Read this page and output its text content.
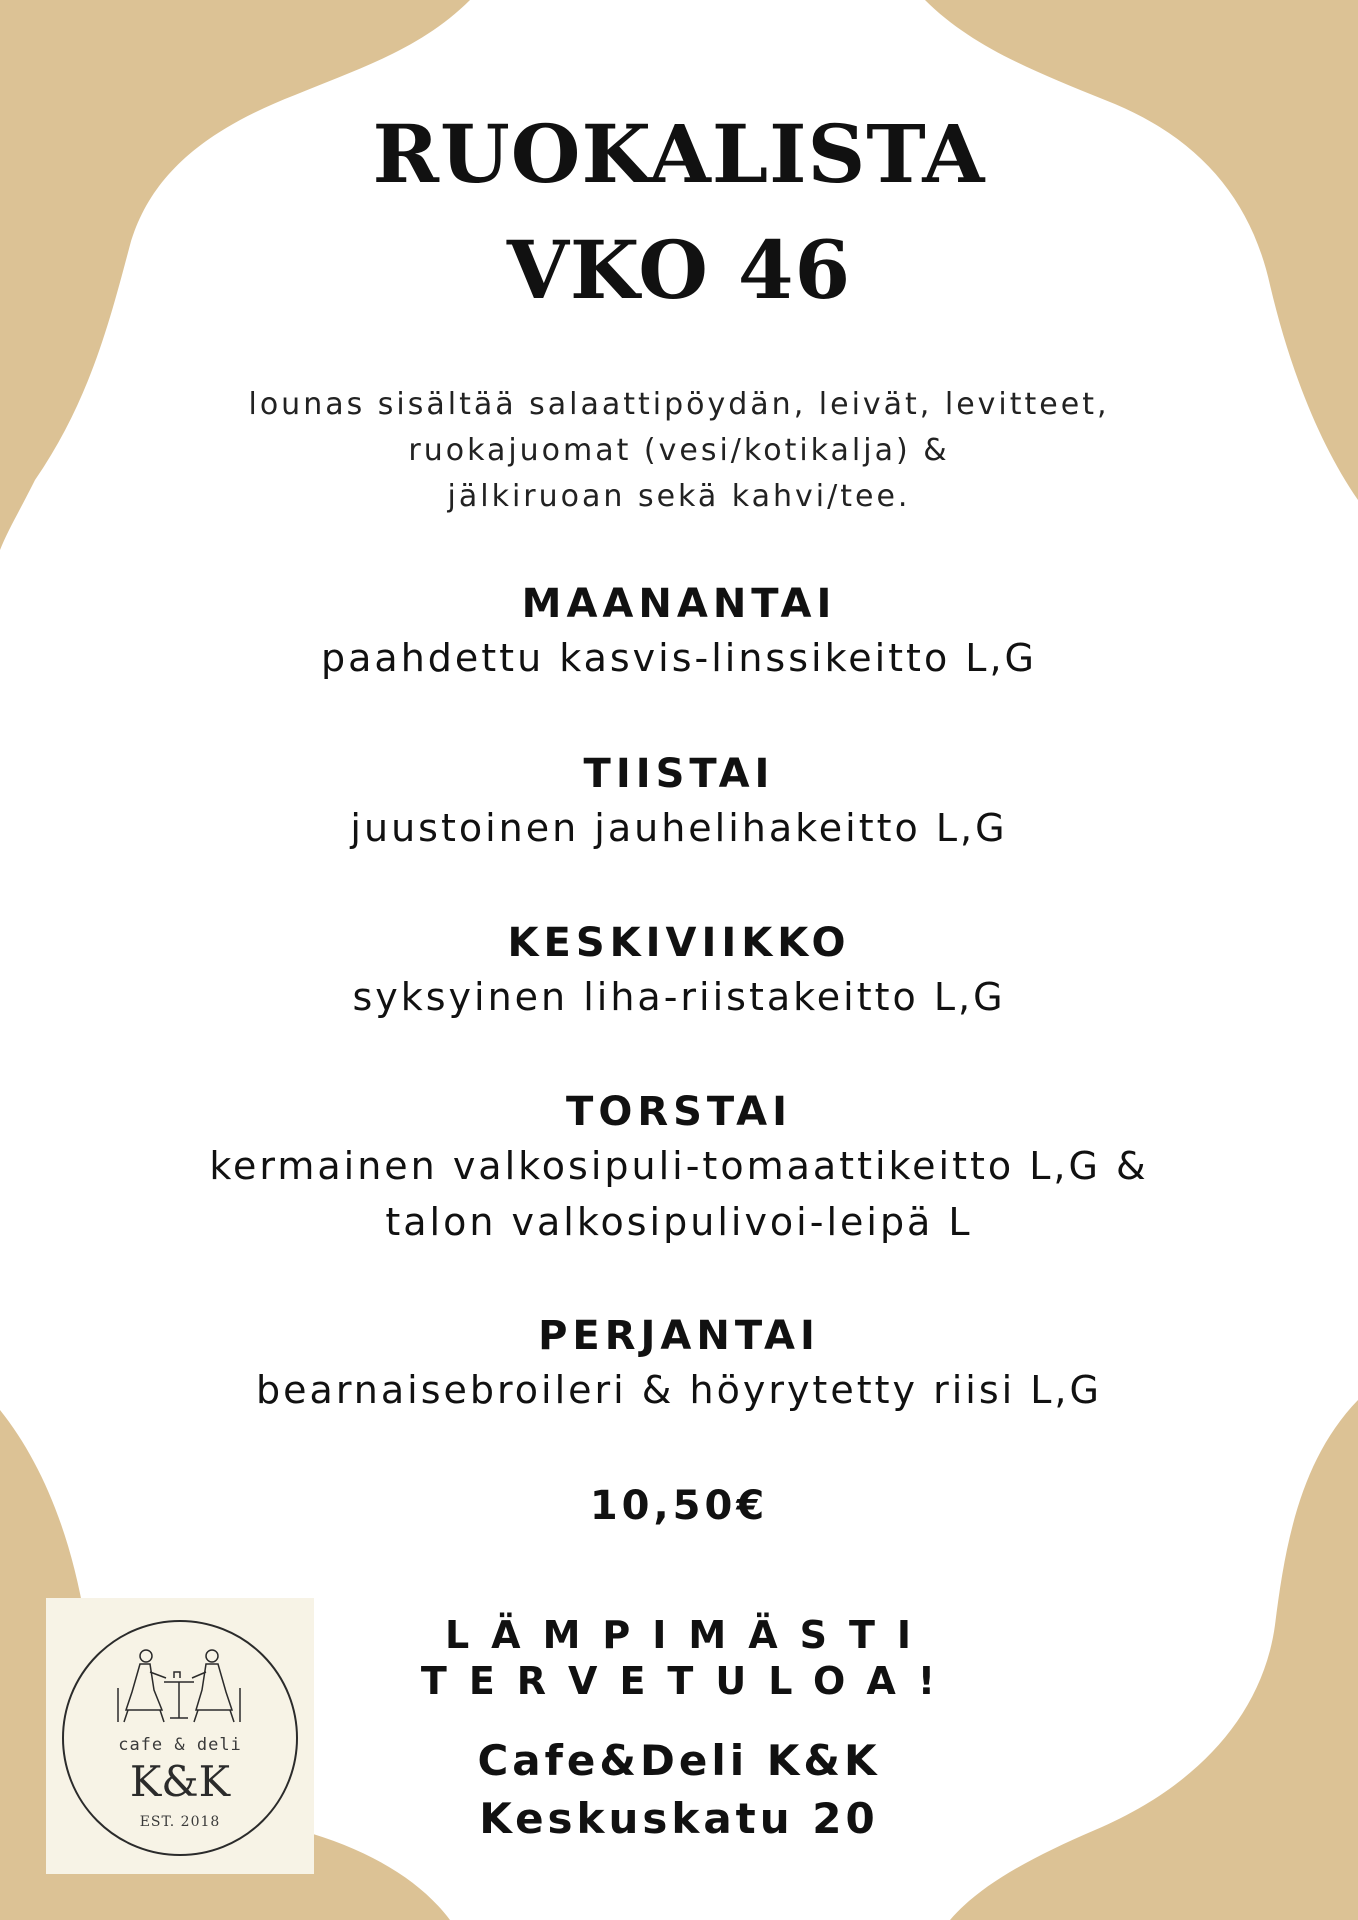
RUOKALISTA
VKO 46
lounas sisältää salaattipöydän, leivät, levitteet,
ruokajuomat (vesi/kotikalja) &
jälkiruoan sekä kahvi/tee.
MAANANTAI
paahdettu kasvis-linssikeitto L,G
TIISTAI
juustoinen jauhelihakeitto L,G
KESKIVIIKKO
syksyinen liha-riistakeitto L,G
TORSTAI
kermainen valkosipuli-tomaattikeitto L,G &
talon valkosipulivoi-leipä L
PERJANTAI
bearnaisebroileri & höyrytetty riisi L,G
10,50€
LÄMPIMÄSTI
TERVETULOA!
Cafe&Deli K&K
Keskuskatu 20
cafe & deli
K&K
EST. 2018
